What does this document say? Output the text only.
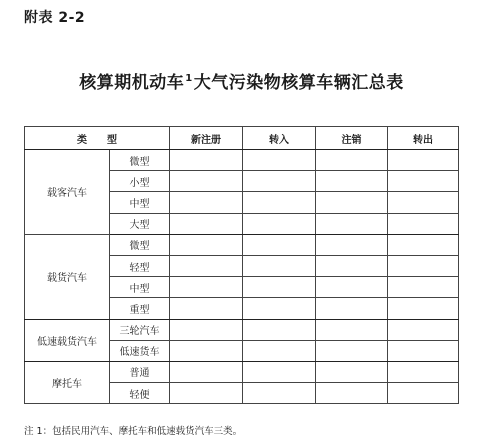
附表 2-2
核算期机动车$^1$大气污染物核算车辆汇总表
类　　型		新注册	转入	注销	转出
载客汽车	微型				
	小型				
	中型				
	大型				
载货汽车	微型				
	轻型				
	中型				
	重型				
低速载货汽车	三轮汽车				
	低速货车				
摩托车	普通				
	轻便				
注 1：包括民用汽车、摩托车和低速载货汽车三类。
